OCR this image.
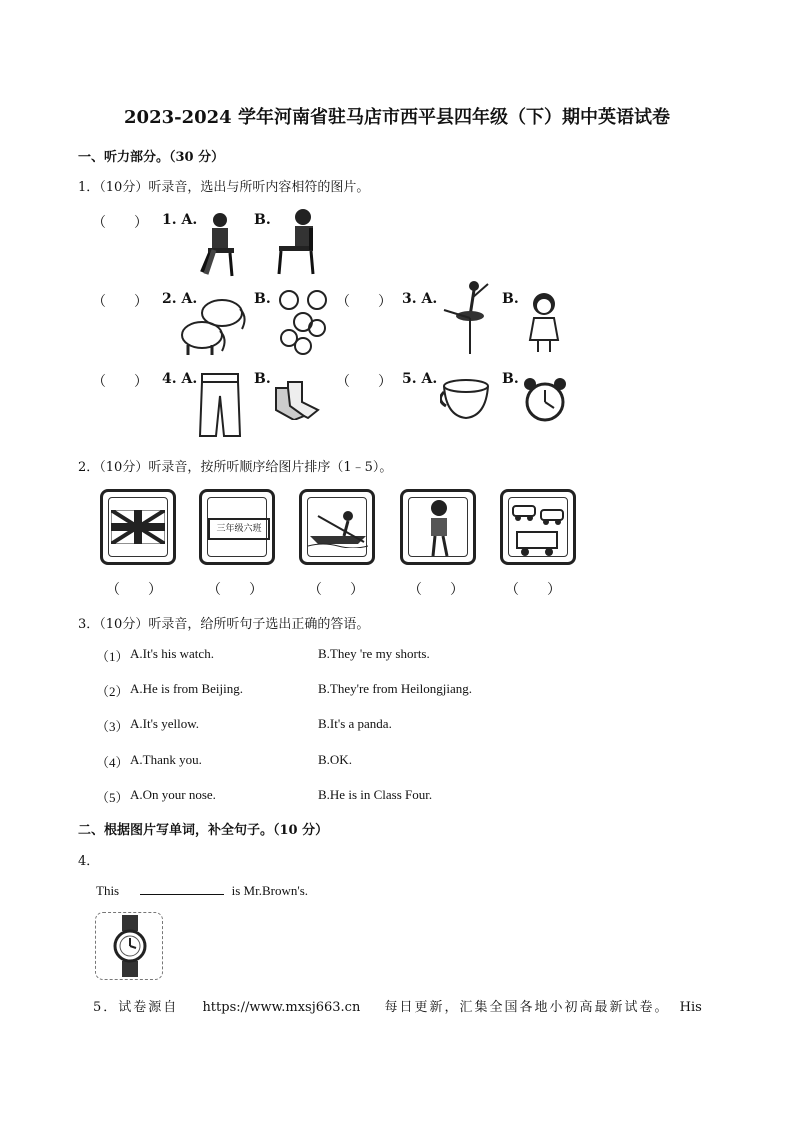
2023-2024 学年河南省驻马店市西平县四年级（下）期中英语试卷
一、听力部分。（30 分）
1．（10分）听录音，选出与所听内容相符的图片。
（　　） 1. A.	B.
（　　） 2. A.	B.	（　　） 3. A.	B.
（　　） 4. A.	B.	（　　） 5. A.	B.
2．（10分）听录音，按所听顺序给图片排序（1﹣5）。
三年级六班
（　　）	（　　）	（　　）	（　　）	（　　）
3．（10分）听录音，给所听句子选出正确的答语。
（1） A.It's his watch.	B.They 're my shorts.
（2） A.He is from Beijing.	B.They're from Heilongjiang.
（3） A.It's yellow.	B.It's a panda.
（4） A.Thank you.	B.OK.
（5） A.On your nose.	B.He is in Class Four.
二、根据图片写单词，补全句子。（10 分）
4．
This	is Mr.Brown's.
5．试卷源自 https://www.mxsj663.cn 每日更新，汇集全国各地小初高最新试卷。 His
